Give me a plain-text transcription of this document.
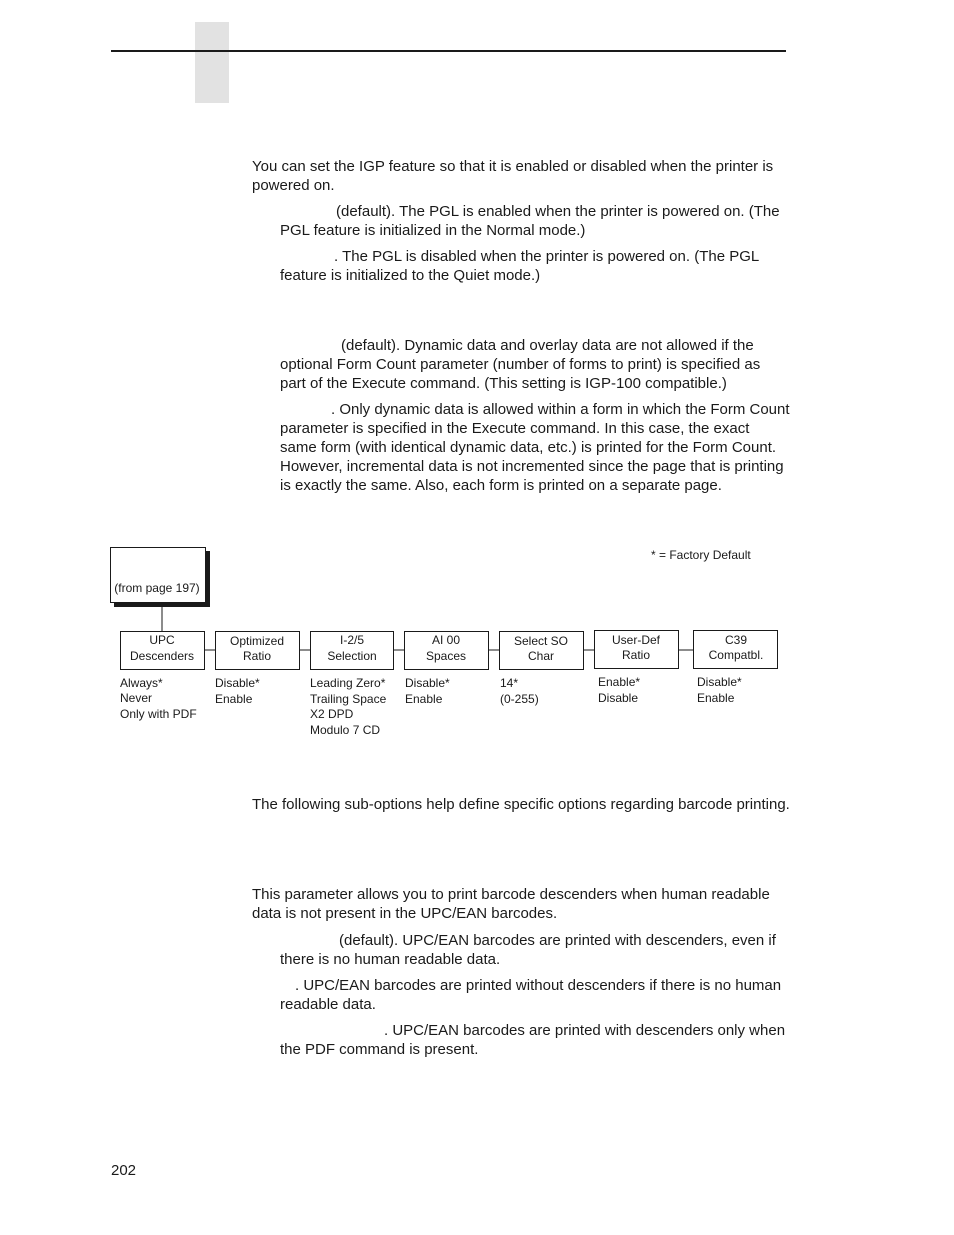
You can set the IGP feature so that it is enabled or disabled when the printer is powered on.

(default). The PGL is enabled when the printer is powered on. (The PGL feature is initialized in the Normal mode.)

. The PGL is disabled when the printer is powered on. (The PGL feature is initialized to the Quiet mode.)

(default). Dynamic data and overlay data are not allowed if the optional Form Count parameter (number of forms to print) is specified as part of the Execute command. (This setting is IGP-100 compatible.)

. Only dynamic data is allowed within a form in which the Form Count parameter is specified in the Execute command. In this case, the exact same form (with identical dynamic data, etc.) is printed for the Form Count. However, incremental data is not incremented since the page that is printing is exactly the same. Also, each form is printed on a separate page.

* = Factory Default
(from page 197)
UPC
Descenders
Always*
Never
Only with PDF
Optimized
Ratio
Disable*
Enable
I-2/5
Selection
Leading Zero*
Trailing Space
X2 DPD
Modulo 7 CD
AI 00
Spaces
Disable*
Enable
Select SO
Char
14*
(0-255)
User-Def
Ratio
Enable*
Disable
C39
Compatbl.
Disable*
Enable

The following sub-options help define specific options regarding barcode printing.

This parameter allows you to print barcode descenders when human readable data is not present in the UPC/EAN barcodes.

(default). UPC/EAN barcodes are printed with descenders, even if there is no human readable data.

. UPC/EAN barcodes are printed without descenders if there is no human readable data.

. UPC/EAN barcodes are printed with descenders only when the PDF command is present.

202
